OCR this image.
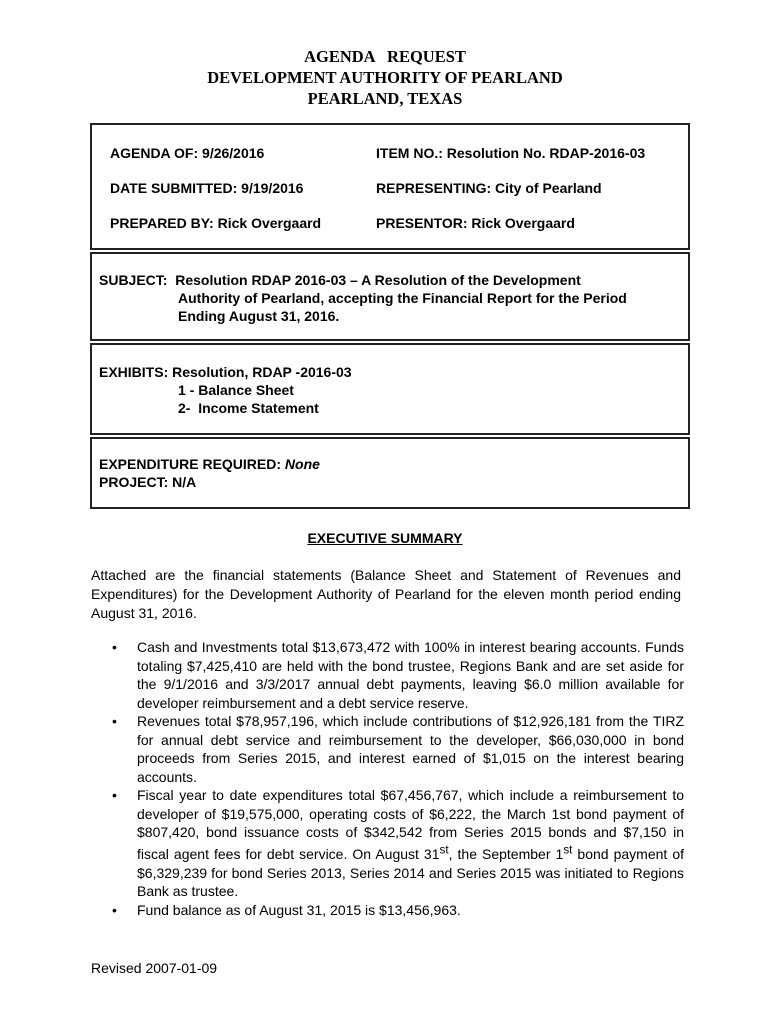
AGENDA   REQUEST
DEVELOPMENT AUTHORITY OF PEARLAND
PEARLAND, TEXAS
AGENDA OF: 9/26/2016	ITEM NO.: Resolution No. RDAP-2016-03
DATE SUBMITTED: 9/19/2016	REPRESENTING: City of Pearland
PREPARED BY: Rick Overgaard	PRESENTOR: Rick Overgaard
SUBJECT:  Resolution RDAP 2016-03 – A Resolution of the Development
Authority of Pearland, accepting the Financial Report for the Period
Ending August 31, 2016.
EXHIBITS: Resolution, RDAP -2016-03
1 - Balance Sheet
2-  Income Statement
EXPENDITURE REQUIRED: None
PROJECT: N/A
EXECUTIVE SUMMARY
Attached are the financial statements (Balance Sheet and Statement of Revenues and Expenditures) for the Development Authority of Pearland for the eleven month period ending August 31, 2016.
• Cash and Investments total $13,673,472 with 100% in interest bearing accounts. Funds totaling $7,425,410 are held with the bond trustee, Regions Bank and are set aside for the 9/1/2016 and 3/3/2017 annual debt payments, leaving $6.0 million available for developer reimbursement and a debt service reserve.
• Revenues total $78,957,196, which include contributions of $12,926,181 from the TIRZ for annual debt service and reimbursement to the developer, $66,030,000 in bond proceeds from Series 2015, and interest earned of $1,015 on the interest bearing accounts.
• Fiscal year to date expenditures total $67,456,767, which include a reimbursement to developer of $19,575,000, operating costs of $6,222, the March 1st bond payment of $807,420, bond issuance costs of $342,542 from Series 2015 bonds and $7,150 in fiscal agent fees for debt service. On August 31st, the September 1st bond payment of $6,329,239 for bond Series 2013, Series 2014 and Series 2015 was initiated to Regions Bank as trustee.
• Fund balance as of August 31, 2015 is $13,456,963.
Revised 2007-01-09
